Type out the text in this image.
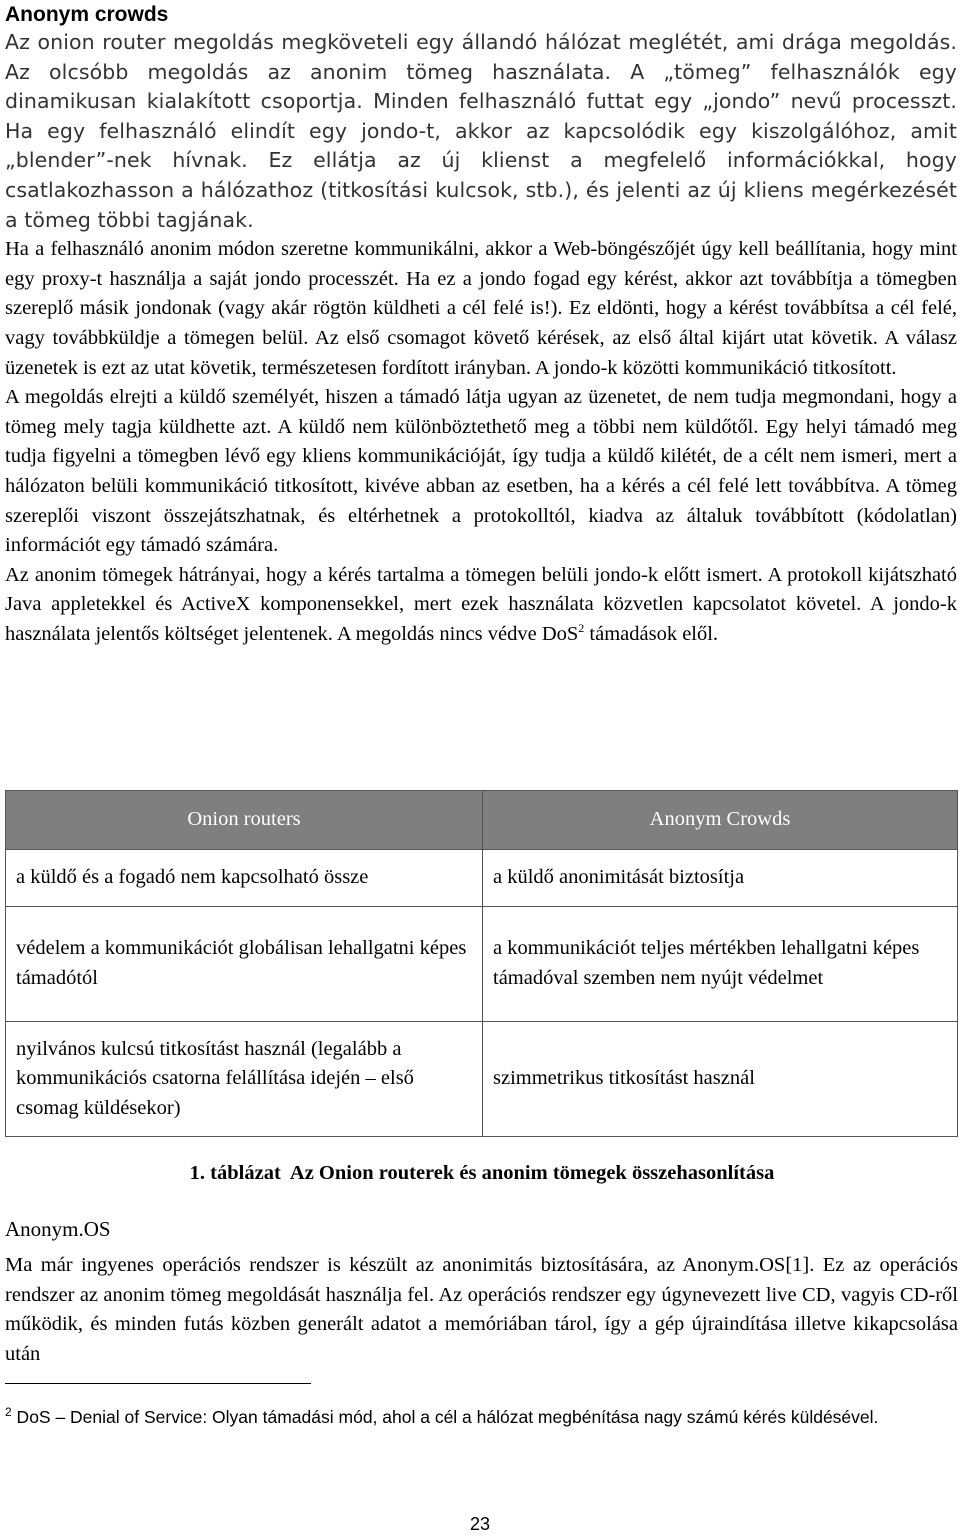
Anonym crowds

Az onion router megoldás megköveteli egy állandó hálózat meglétét, ami drága megoldás. Az olcsóbb megoldás az anonim tömeg használata. A „tömeg” felhasználók egy dinamikusan kialakított csoportja. Minden felhasználó futtat egy „jondo” nevű processzt. Ha egy felhasználó elindít egy jondo-t, akkor az kapcsolódik egy kiszolgálóhoz, amit „blender”-nek hívnak. Ez ellátja az új klienst a megfelelő információkkal, hogy csatlakozhasson a hálózathoz (titkosítási kulcsok, stb.), és jelenti az új kliens megérkezését a tömeg többi tagjának.

Ha a felhasználó anonim módon szeretne kommunikálni, akkor a Web-böngészőjét úgy kell beállítania, hogy mint egy proxy-t használja a saját jondo processzét. Ha ez a jondo fogad egy kérést, akkor azt továbbítja a tömegben szereplő másik jondonak (vagy akár rögtön küldheti a cél felé is!). Ez eldönti, hogy a kérést továbbítsa a cél felé, vagy továbbküldje a tömegen belül. Az első csomagot követő kérések, az első által kijárt utat követik. A válasz üzenetek is ezt az utat követik, természetesen fordított irányban. A jondo-k közötti kommunikáció titkosított.

A megoldás elrejti a küldő személyét, hiszen a támadó látja ugyan az üzenetet, de nem tudja megmondani, hogy a tömeg mely tagja küldhette azt. A küldő nem különböztethető meg a többi nem küldőtől. Egy helyi támadó meg tudja figyelni a tömegben lévő egy kliens kommunikációját, így tudja a küldő kilétét, de a célt nem ismeri, mert a hálózaton belüli kommunikáció titkosított, kivéve abban az esetben, ha a kérés a cél felé lett továbbítva. A tömeg szereplői viszont összejátszhatnak, és eltérhetnek a protokolltól, kiadva az általuk továbbított (kódolatlan) információt egy támadó számára.

Az anonim tömegek hátrányai, hogy a kérés tartalma a tömegen belüli jondo-k előtt ismert. A protokoll kijátszható Java appletekkel és ActiveX komponensekkel, mert ezek használata közvetlen kapcsolatot követel. A jondo-k használata jelentős költséget jelentenek. A megoldás nincs védve DoS$^2$ támadások elől.

Onion routers	Anonym Crowds
a küldő és a fogadó nem kapcsolható össze	a küldő anonimitását biztosítja
védelem a kommunikációt globálisan lehallgatni képes támadótól	a kommunikációt teljes mértékben lehallgatni képes támadóval szemben nem nyújt védelmet
nyilvános kulcsú titkosítást használ (legalább a kommunikációs csatorna felállítása idején – első csomag küldésekor)	szimmetrikus titkosítást használ
1. táblázat Az Onion routerek és anonim tömegek összehasonlítása
Anonym.OS

Ma már ingyenes operációs rendszer is készült az anonimitás biztosítására, az Anonym.OS[1]. Ez az operációs rendszer az anonim tömeg megoldását használja fel. Az operációs rendszer egy úgynevezett live CD, vagyis CD-ről működik, és minden futás közben generált adatot a memóriában tárol, így a gép újraindítása illetve kikapcsolása után

$^2$ DoS – Denial of Service: Olyan támadási mód, ahol a cél a hálózat megbénítása nagy számú kérés küldésével.
23
